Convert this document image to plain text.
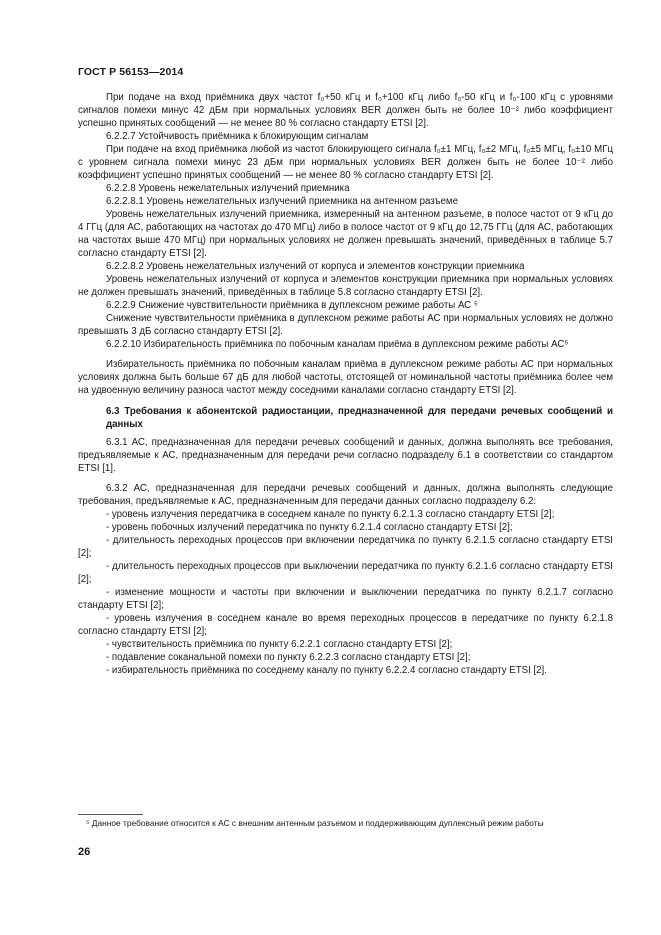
ГОСТ Р 56153—2014

При подаче на вход приёмника двух частот f₀+50 кГц и f₀+100 кГц либо f₀-50 кГц и f₀-100 кГц с уровнями сигналов помехи минус 42 дБм при нормальных условиях BER должен быть не более 10⁻² либо коэффициент успешно принятых сообщений — не менее 80 % согласно стандарту ETSI [2].

6.2.2.7 Устойчивость приёмника к блокирующим сигналам

При подаче на вход приёмника любой из частот блокирующего сигнала f₀±1 МГц, f₀±2 МГц, f₀±5 МГц, f₀±10 МГц с уровнем сигнала помехи минус 23 дБм при нормальных условиях BER должен быть не более 10⁻² либо коэффициент успешно принятых сообщений — не менее 80 % согласно стандарту ETSI [2].

6.2.2.8 Уровень нежелательных излучений приемника

6.2.2.8.1 Уровень нежелательных излучений приемника на антенном разъеме

Уровень нежелательных излучений приемника, измеренный на антенном разъеме, в полосе частот от 9 кГц до 4 ГГц (для АС, работающих на частотах до 470 МГц) либо в полосе частот от 9 кГц до 12,75 ГГц (для АС, работающих на частотах выше 470 МГц) при нормальных условиях не должен превышать значений, приведённых в таблице 5.7 согласно стандарту ETSI [2].

6.2.2.8.2 Уровень нежелательных излучений от корпуса и элементов конструкции приемника

Уровень нежелательных излучений от корпуса и элементов конструкции приемника при нормальных условиях не должен превышать значений, приведённых в таблице 5.8 согласно стандарту ETSI [2].

6.2.2.9 Снижение чувствительности приёмника в дуплексном режиме работы АС ⁵

Снижение чувствительности приёмника в дуплексном режиме работы АС при нормальных условиях не должно превышать 3 дБ согласно стандарту ETSI [2].

6.2.2.10 Избирательность приёмника по побочным каналам приёма в дуплексном режиме работы АС⁵

Избирательность приёмника по побочным каналам приёма в дуплексном режиме работы АС при нормальных условиях должна быть больше 67 дБ для любой частоты, отстоящей от номинальной частоты приёмника более чем на удвоенную величину разноса частот между соседними каналами согласно стандарту ETSI [2].

6.3 Требования к абонентской радиостанции, предназначенной для передачи речевых сообщений и данных

6.3.1 АС, предназначенная для передачи речевых сообщений и данных, должна выполнять все требования, предъявляемые к АС, предназначенным для передачи речи согласно подразделу 6.1 в соответствии со стандартом ETSI [1].

6.3.2 АС, предназначенная для передачи речевых сообщений и данных, должна выполнять следующие требования, предъявляемые к АС, предназначенным для передачи данных согласно подразделу 6.2:

- уровень излучения передатчика в соседнем канале по пункту 6.2.1.3 согласно стандарту ETSI [2];

- уровень побочных излучений передатчика по пункту 6.2.1.4 согласно стандарту ETSI [2];

- длительность переходных процессов при включении передатчика по пункту 6.2.1.5 согласно стандарту ETSI [2];

- длительность переходных процессов при выключении передатчика по пункту 6.2.1.6 согласно стандарту ETSI [2];

- изменение мощности и частоты при включении и выключении передатчика по пункту 6.2.1.7 согласно стандарту ETSI [2];

- уровень излучения в соседнем канале во время переходных процессов в передатчике по пункту 6.2.1.8 согласно стандарту ETSI [2];

- чувствительность приёмника по пункту 6.2.2.1 согласно стандарту ETSI [2];

- подавление соканальной помехи по пункту 6.2.2.3 согласно стандарту ETSI [2];

- избирательность приёмника по соседнему каналу по пункту 6.2.2.4 согласно стандарту ETSI [2].

⁵ Данное требование относится к АС с внешним антенным разъемом и поддерживающим дуплексный режим работы

26
